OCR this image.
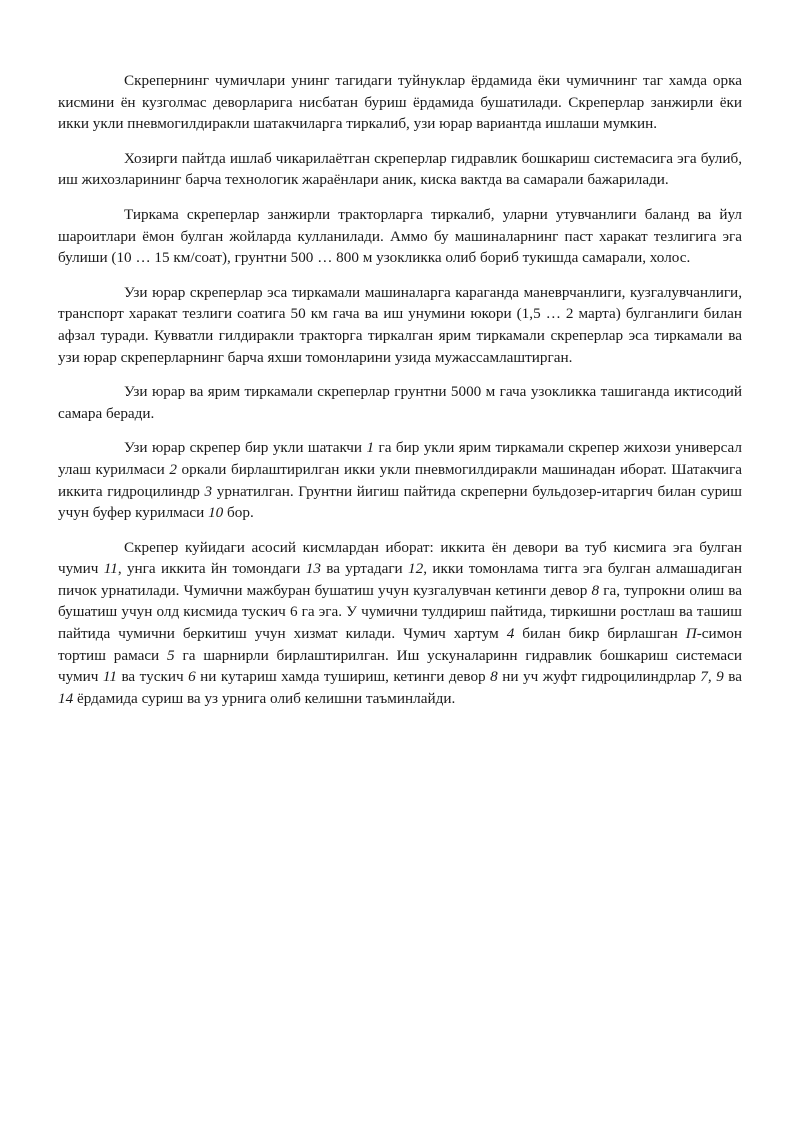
Скрепернинг чумичлари унинг тагидаги туйнуклар ёрдамида ёки чумичнинг таг хамда орка кисмини ён кузголмас деворларига нисбатан буриш ёрдамида бушатилади. Скреперлар занжирли ёки икки укли пневмогилдиракли шатакчиларга тиркалиб, узи юрар вариантда ишлаши мумкин.

Хозирги пайтда ишлаб чикарилаётган скреперлар гидравлик бошкариш системасига эга булиб, иш жихозларининг барча технологик жараёнлари аник, киска вактда ва самарали бажарилади.

Тиркама скреперлар занжирли тракторларга тиркалиб, уларни утувчанлиги баланд ва йул шароитлари ёмон булган жойларда кулланилади. Аммо бу машиналарнинг паст харакат тезлигига эга булиши (10 … 15 км/соат), грунтни 500 … 800 м узокликка олиб бориб тукишда самарали, холос.

Узи юрар скреперлар эса тиркамали машиналарга караганда маневрчанлиги, кузгалувчанлиги, транспорт харакат тезлиги соатига 50 км гача ва иш унумини юкори (1,5 … 2 марта) булганлиги билан афзал туради. Кувватли гилдиракли тракторга тиркалган ярим тиркамали скреперлар эса тиркамали ва узи юрар скреперларнинг барча яхши томонларини узида мужассамлаштирган.

Узи юрар ва ярим тиркамали скреперлар грунтни 5000 м гача узокликка ташиганда иктисодий самара беради.

Узи юрар скрепер бир укли шатакчи 1 га бир укли ярим тиркамали скрепер жихози универсал улаш курилмаси 2 оркали бирлаштирилган икки укли пневмогилдиракли машинадан иборат. Шатакчига иккита гидроцилиндр 3 урнатилган. Грунтни йигиш пайтида скреперни бульдозер-итаргич билан суриш учун буфер курилмаси 10 бор.

Скрепер куйидаги асосий кисмлардан иборат: иккита ён девори ва туб кисмига эга булган чумич 11, унга иккита йн томондаги 13 ва уртадаги 12, икки томонлама тигга эга булган алмашадиган пичок урнатилади. Чумични мажбуран бушатиш учун кузгалувчан кетинги девор 8 га, тупрокни олиш ва бушатиш учун олд кисмида тускич 6 га эга. У чумични тулдириш пайтида, тиркишни ростлаш ва ташиш пайтида чумични беркитиш учун хизмат килади. Чумич хартум 4 билан бикр бирлашган П-симон тортиш рамаси 5 га шарнирли бирлаштирилган. Иш ускуналаринн гидравлик бошкариш системаси чумич 11 ва тускич 6 ни кутариш хамда тушириш, кетинги девор 8 ни уч жуфт гидроцилиндрлар 7, 9 ва 14 ёрдамида суриш ва уз урнига олиб келишни таъминлайди.
